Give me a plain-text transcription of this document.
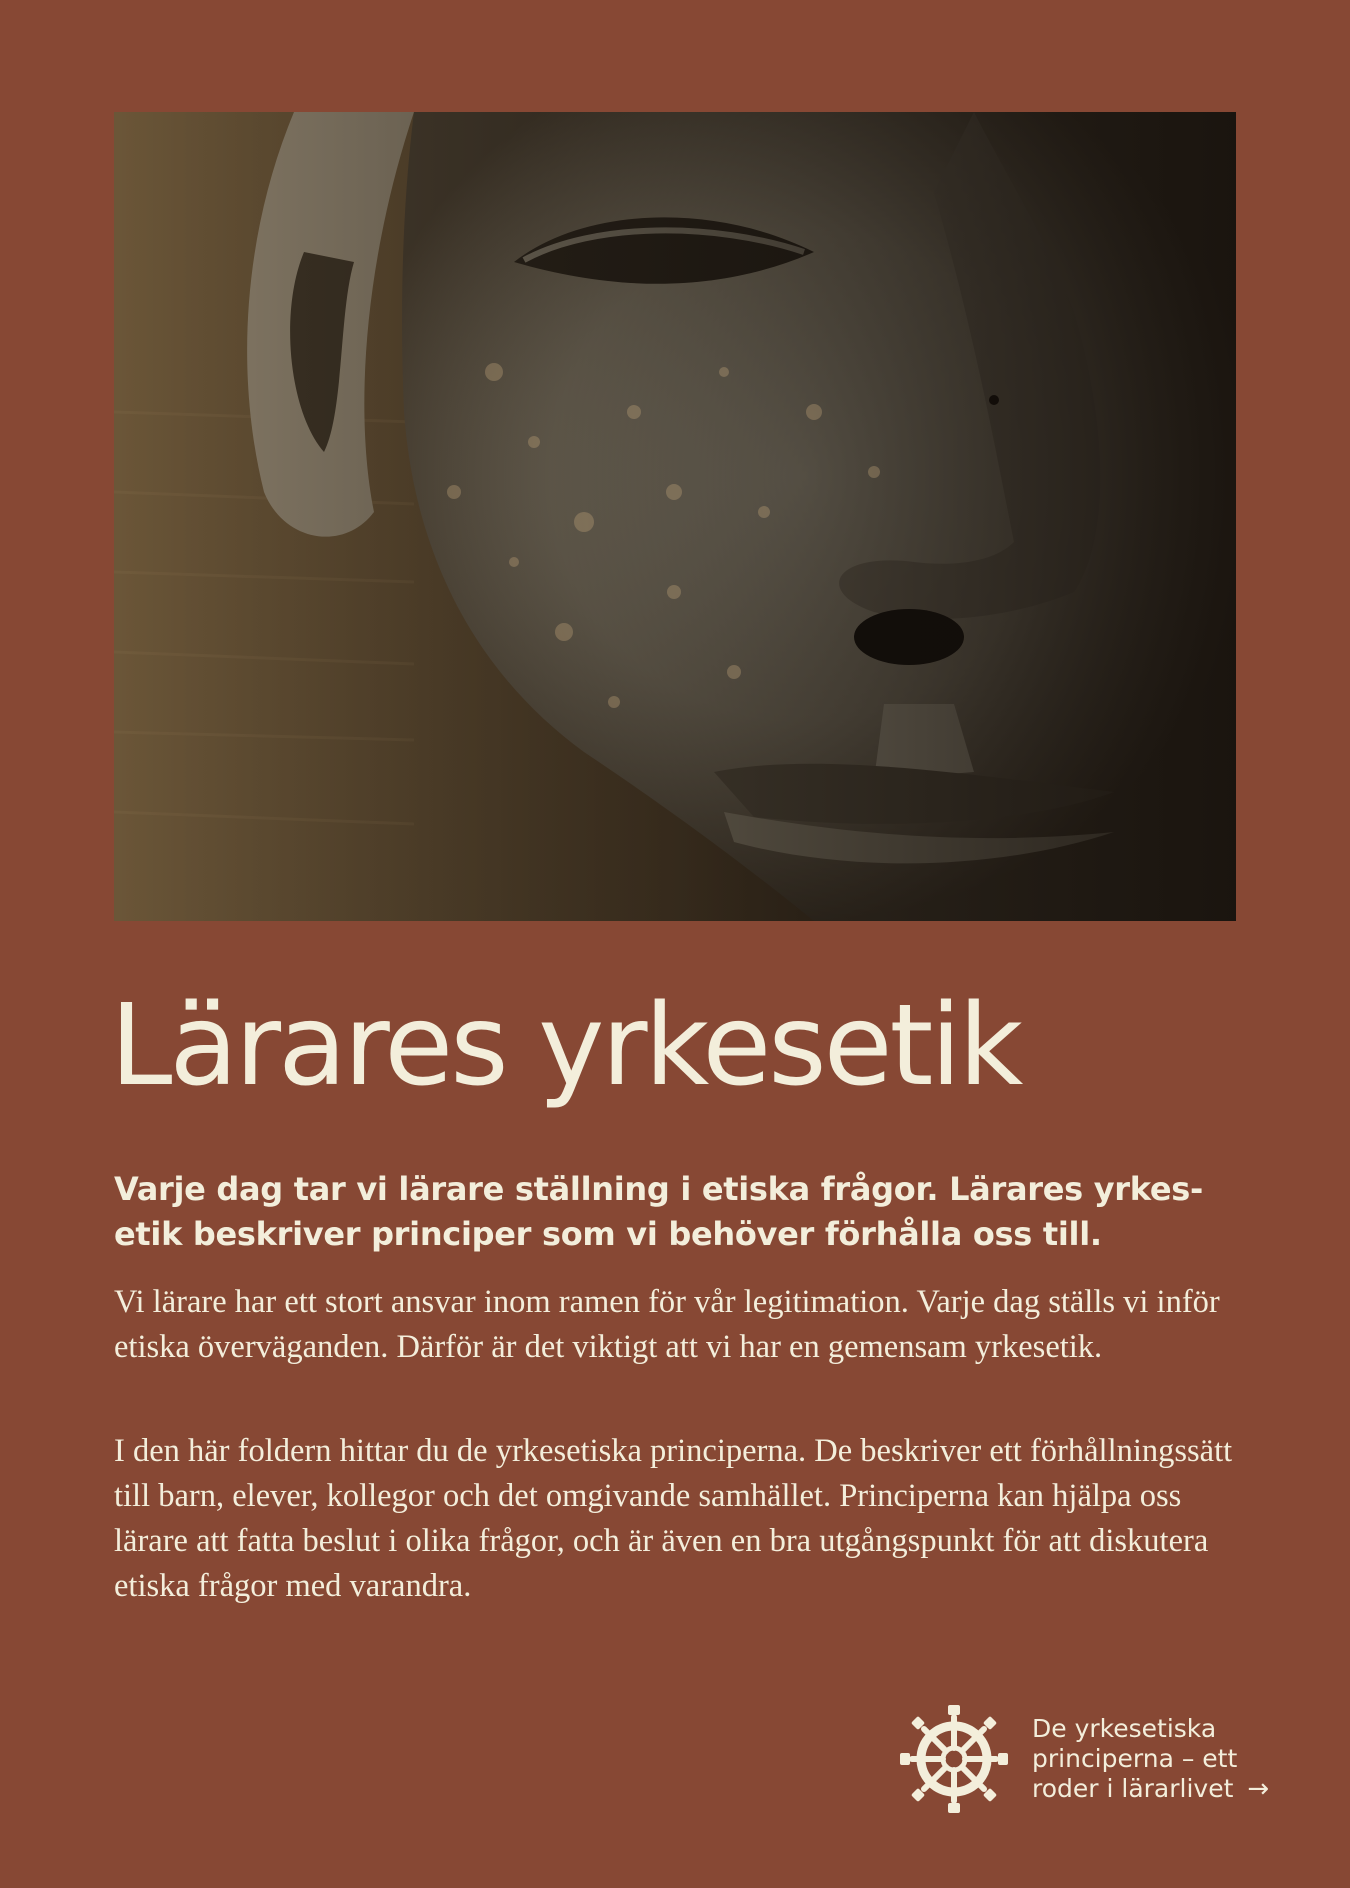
Lärares yrkesetik

Varje dag tar vi lärare ställning i etiska frågor. Lärares yrkesetik beskriver principer som vi behöver förhålla oss till.

Vi lärare har ett stort ansvar inom ramen för vår legitimation. Varje dag ställs vi inför etiska överväganden. Därför är det viktigt att vi har en gemensam yrkesetik.

I den här foldern hittar du de yrkesetiska principerna. De beskriver ett förhållningssätt till barn, elever, kollegor och det omgivande samhället. Principerna kan hjälpa oss lärare att fatta beslut i olika frågor, och är även en bra utgångspunkt för att diskutera etiska frågor med varandra.

De yrkesetiska
principerna – ett
roder i lärarlivet →
